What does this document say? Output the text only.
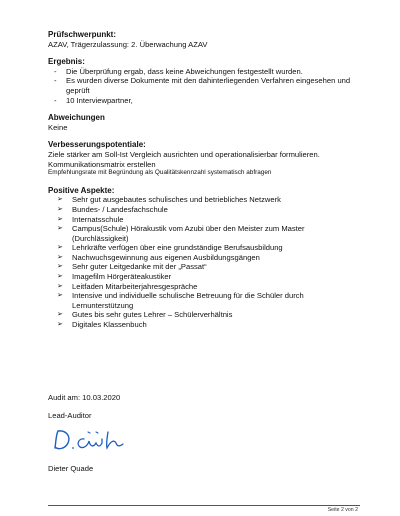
Prüfschwerpunkt:
AZAV, Trägerzulassung: 2. Überwachung AZAV
Ergebnis:
- Die Überprüfung ergab, dass keine Abweichungen festgestellt wurden.
- Es wurden diverse Dokumente mit den dahinterliegenden Verfahren eingesehen und geprüft
- 10 Interviewpartner,
Abweichungen
Keine
Verbesserungspotentiale:
Ziele stärker am Soll-Ist Vergleich ausrichten und operationalisierbar formulieren.
Kommunikationsmatrix erstellen
Empfehlungsrate mit Begründung als Qualitätskennzahl systematisch abfragen
Positive Aspekte:
➢ Sehr gut ausgebautes schulisches und betriebliches Netzwerk
➢ Bundes- / Landesfachschule
➢ Internatsschule
➢ Campus(Schule) Hörakustik vom Azubi über den Meister zum Master (Durchlässigkeit)
➢ Lehrkräfte verfügen über eine grundständige Berufsausbildung
➢ Nachwuchsgewinnung aus eigenen Ausbildungsgängen
➢ Sehr guter Leitgedanke mit der „Passat“
➢ Imagefilm Hörgeräteakustiker
➢ Leitfaden Mitarbeiterjahresgespräche
➢ Intensive und individuelle schulische Betreuung für die Schüler durch Lernunterstützung
➢ Gutes bis sehr gutes Lehrer – Schülerverhältnis
➢ Digitales Klassenbuch
Audit am: 10.03.2020
Lead-Auditor
Dieter Quade
Seite 2 von 2
